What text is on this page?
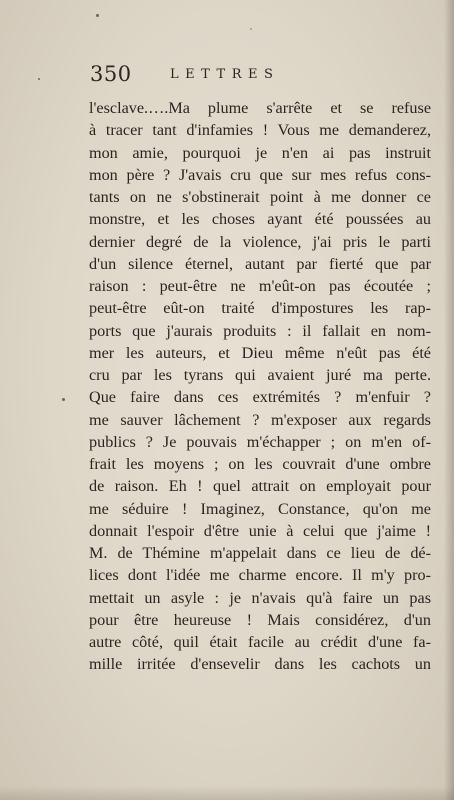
350	LETTRES
l'esclave.….Ma plume s'arrête et se refuse
à tracer tant d'infamies ! Vous me demanderez,
mon amie, pourquoi je n'en ai pas instruit
mon père ? J'avais cru que sur mes refus cons-
tants on ne s'obstinerait point à me donner ce
monstre, et les choses ayant été poussées au
dernier degré de la violence, j'ai pris le parti
d'un silence éternel, autant par fierté que par
raison : peut-être ne m'eût-on pas écoutée ;
peut-être eût-on traité d'impostures les rap-
ports que j'aurais produits : il fallait en nom-
mer les auteurs, et Dieu même n'eût pas été
cru par les tyrans qui avaient juré ma perte.
Que faire dans ces extrémités ? m'enfuir ?
me sauver lâchement ? m'exposer aux regards
publics ? Je pouvais m'échapper ; on m'en of-
frait les moyens ; on les couvrait d'une ombre
de raison. Eh ! quel attrait on employait pour
me séduire ! Imaginez, Constance, qu'on me
donnait l'espoir d'être unie à celui que j'aime !
M. de Thémine m'appelait dans ce lieu de dé-
lices dont l'idée me charme encore. Il m'y pro-
mettait un asyle : je n'avais qu'à faire un pas
pour être heureuse ! Mais considérez, d'un
autre côté, quil était facile au crédit d'une fa-
mille irritée d'ensevelir dans les cachots un
